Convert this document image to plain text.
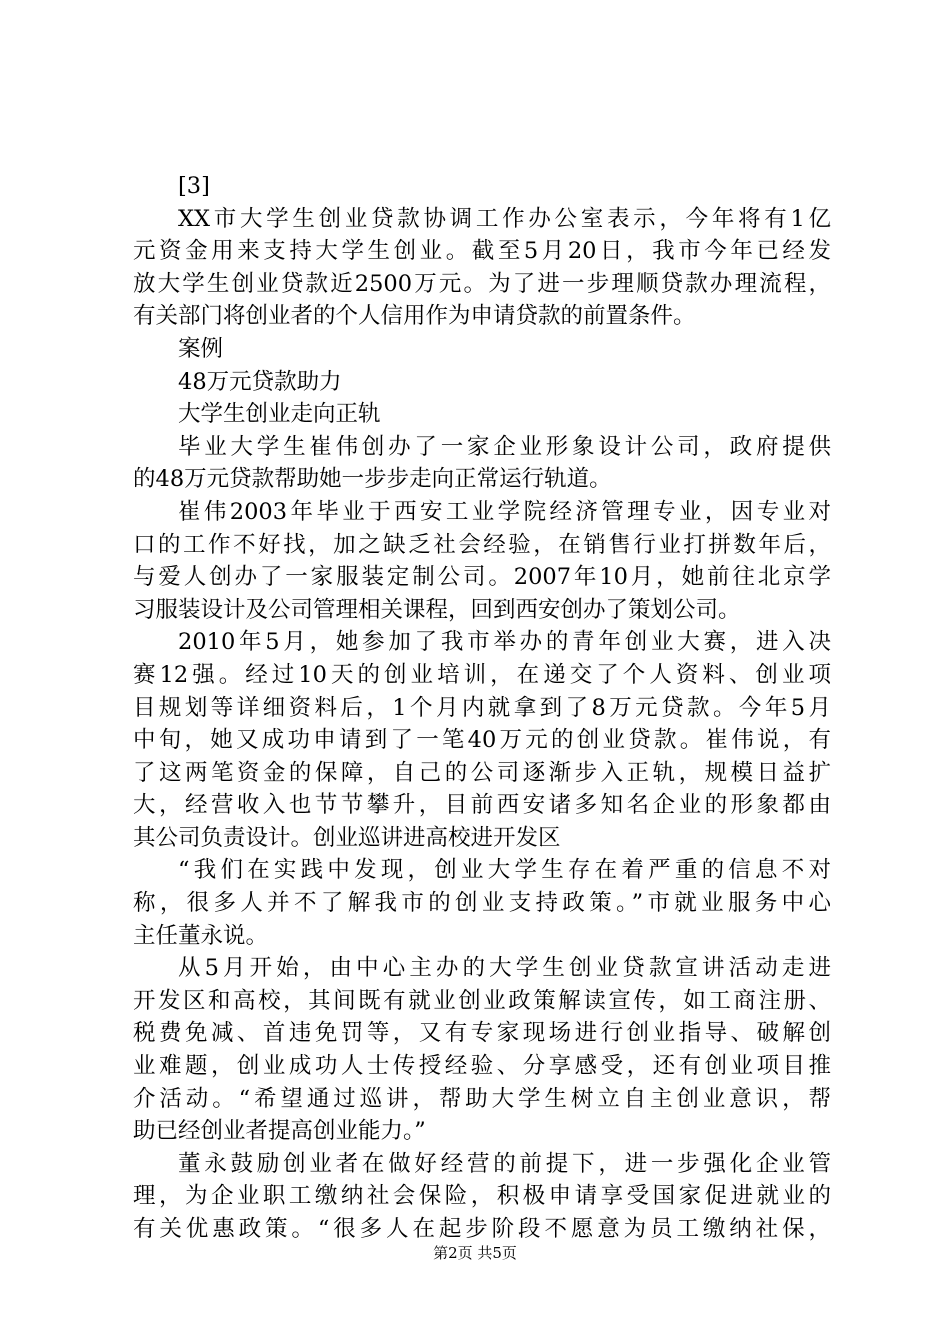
[3]

XX市大学生创业贷款协调工作办公室表示，今年将有1亿

元资金用来支持大学生创业。截至5月20日，我市今年已经发

放大学生创业贷款近2500万元。为了进一步理顺贷款办理流程，

有关部门将创业者的个人信用作为申请贷款的前置条件。

案例

48万元贷款助力

大学生创业走向正轨

毕业大学生崔伟创办了一家企业形象设计公司，政府提供

的48万元贷款帮助她一步步走向正常运行轨道。

崔伟2003年毕业于西安工业学院经济管理专业，因专业对

口的工作不好找，加之缺乏社会经验，在销售行业打拼数年后，

与爱人创办了一家服装定制公司。2007年10月，她前往北京学

习服装设计及公司管理相关课程，回到西安创办了策划公司。

2010年5月，她参加了我市举办的青年创业大赛，进入决

赛12强。经过10天的创业培训，在递交了个人资料、创业项

目规划等详细资料后，1个月内就拿到了8万元贷款。今年5月

中旬，她又成功申请到了一笔40万元的创业贷款。崔伟说，有

了这两笔资金的保障，自己的公司逐渐步入正轨，规模日益扩

大，经营收入也节节攀升，目前西安诸多知名企业的形象都由

其公司负责设计。创业巡讲进高校进开发区

“我们在实践中发现，创业大学生存在着严重的信息不对

称，很多人并不了解我市的创业支持政策。”市就业服务中心

主任董永说。

从5月开始，由中心主办的大学生创业贷款宣讲活动走进

开发区和高校，其间既有就业创业政策解读宣传，如工商注册、

税费免减、首违免罚等，又有专家现场进行创业指导、破解创

业难题，创业成功人士传授经验、分享感受，还有创业项目推

介活动。“希望通过巡讲，帮助大学生树立自主创业意识，帮

助已经创业者提高创业能力。”

董永鼓励创业者在做好经营的前提下，进一步强化企业管

理，为企业职工缴纳社会保险，积极申请享受国家促进就业的

有关优惠政策。“很多人在起步阶段不愿意为员工缴纳社保，

第2页 共5页
